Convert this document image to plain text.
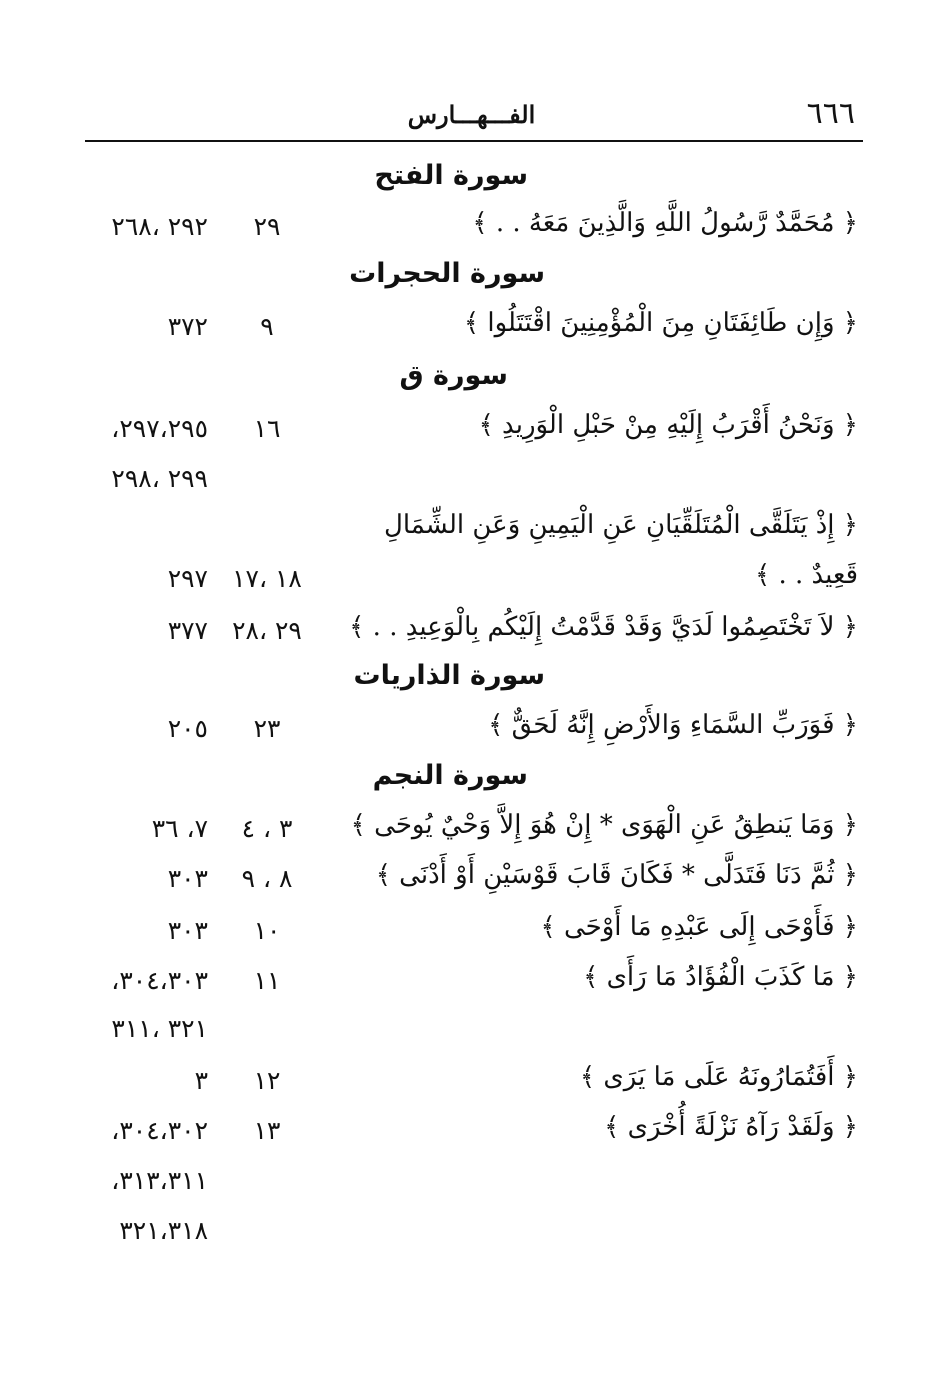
٦٦٦
الفـــهـــارس
سورة الفتح
﴿ مُحَمَّدٌ رَّسُولُ اللَّهِ وَالَّذِينَ مَعَهُ . . ﴾
٢٩
٢٩٢ ،٢٦٨
سورة الحجرات
﴿ وَإِن طَائِفَتَانِ مِنَ الْمُؤْمِنِينَ اقْتَتَلُوا ﴾
٩
٣٧٢
سورة ق
﴿ وَنَحْنُ أَقْرَبُ إِلَيْهِ مِنْ حَبْلِ الْوَرِيدِ ﴾
١٦
٢٩٧،٢٩٥،
٢٩٩ ،٢٩٨
﴿ إِذْ يَتَلَقَّى الْمُتَلَقِّيَانِ عَنِ الْيَمِينِ وَعَنِ الشِّمَالِ
قَعِيدٌ . . ﴾
١٨ ،١٧
٢٩٧
﴿ لاَ تَخْتَصِمُوا لَدَيَّ وَقَدْ قَدَّمْتُ إِلَيْكُم بِالْوَعِيدِ . . ﴾
٢٩ ،٢٨
٣٧٧
سورة الذاريات
﴿ فَوَرَبِّ السَّمَاءِ وَالأَرْضِ إِنَّهُ لَحَقٌّ ﴾
٢٣
٢٠٥
سورة النجم
﴿ وَمَا يَنطِقُ عَنِ الْهَوَى * إِنْ هُوَ إِلاَّ وَحْيٌ يُوحَى ﴾
٣ ، ٤
٧، ٣٦
﴿ ثُمَّ دَنَا فَتَدَلَّى * فَكَانَ قَابَ قَوْسَيْنِ أَوْ أَدْنَى ﴾
٨ ، ٩
٣٠٣
﴿ فَأَوْحَى إِلَى عَبْدِهِ مَا أَوْحَى ﴾
١٠
٣٠٣
﴿ مَا كَذَبَ الْفُؤَادُ مَا رَأَى ﴾
١١
٣٠٤،٣٠٣،
٣٢١ ،٣١١
﴿ أَفَتُمَارُونَهُ عَلَى مَا يَرَى ﴾
١٢
٣
﴿ وَلَقَدْ رَآهُ نَزْلَةً أُخْرَى ﴾
١٣
٣٠٤،٣٠٢،
٣١٣،٣١١،
٣٢١،٣١٨
